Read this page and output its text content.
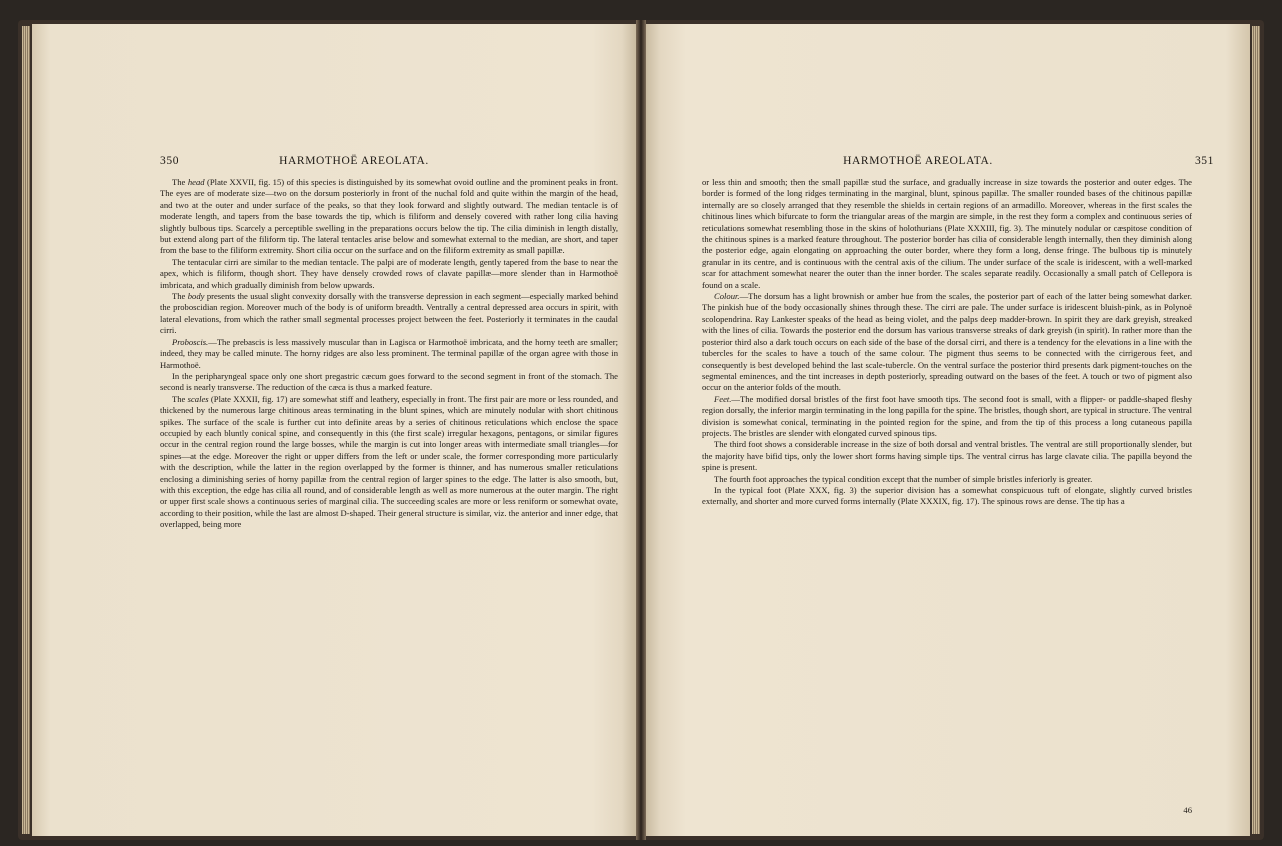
350	HARMOTHOË AREOLATA.

The head (Plate XXVII, fig. 15) of this species is distinguished by its somewhat ovoid outline and the prominent peaks in front. The eyes are of moderate size—two on the dorsum posteriorly in front of the nuchal fold and quite within the margin of the head, and two at the outer and under surface of the peaks, so that they look forward and slightly outward. The median tentacle is of moderate length, and tapers from the base towards the tip, which is filiform and densely covered with rather long cilia having slightly bulbous tips. Scarcely a perceptible swelling in the preparations occurs below the tip. The cilia diminish in length distally, but extend along part of the filiform tip. The lateral tentacles arise below and somewhat external to the median, are short, and taper from the base to the filiform extremity. Short cilia occur on the surface and on the filiform extremity as small papillæ.

The tentacular cirri are similar to the median tentacle. The palpi are of moderate length, gently tapered from the base to near the apex, which is filiform, though short. They have densely crowded rows of clavate papillæ—more slender than in Harmothoë imbricata, and which gradually diminish from below upwards.

The body presents the usual slight convexity dorsally with the transverse depression in each segment—especially marked behind the proboscidian region. Moreover much of the body is of uniform breadth. Ventrally a central depressed area occurs in spirit, with lateral elevations, from which the rather small segmental processes project between the feet. Posteriorly it terminates in the caudal cirri.

Proboscis.—The prebascis is less massively muscular than in Lagisca or Harmothoë imbricata, and the horny teeth are smaller; indeed, they may be called minute. The horny ridges are also less prominent. The terminal papillæ of the organ agree with those in Harmothoë.

In the peripharyngeal space only one short pregastric cæcum goes forward to the second segment in front of the stomach. The second is nearly transverse. The reduction of the cæca is thus a marked feature.

The scales (Plate XXXII, fig. 17) are somewhat stiff and leathery, especially in front. The first pair are more or less rounded, and thickened by the numerous large chitinous areas terminating in the blunt spines, which are minutely nodular with short chitinous spikes. The surface of the scale is further cut into definite areas by a series of chitinous reticulations which enclose the space occupied by each bluntly conical spine, and consequently in this (the first scale) irregular hexagons, pentagons, or similar figures occur in the central region round the large bosses, while the margin is cut into longer areas with intermediate small triangles—for spines—at the edge. Moreover the right or upper differs from the left or under scale, the former corresponding more particularly with the description, while the latter in the region overlapped by the former is thinner, and has numerous smaller reticulations enclosing a diminishing series of horny papillæ from the central region of larger spines to the edge. The latter is also smooth, but, with this exception, the edge has cilia all round, and of considerable length as well as more numerous at the outer margin. The right or upper first scale shows a continuous series of marginal cilia. The succeeding scales are more or less reniform or somewhat ovate, according to their position, while the last are almost D-shaped. Their general structure is similar, viz. the anterior and inner edge, that overlapped, being more

HARMOTHOË AREOLATA.	351

or less thin and smooth; then the small papillæ stud the surface, and gradually increase in size towards the posterior and outer edges. The border is formed of the long ridges terminating in the marginal, blunt, spinous papillæ. The smaller rounded bases of the chitinous papillæ internally are so closely arranged that they resemble the shields in certain regions of an armadillo. Moreover, whereas in the first scales the chitinous lines which bifurcate to form the triangular areas of the margin are simple, in the rest they form a complex and continuous series of reticulations somewhat resembling those in the skins of holothurians (Plate XXXIII, fig. 3). The minutely nodular or cæspitose condition of the chitinous spines is a marked feature throughout. The posterior border has cilia of considerable length internally, then they diminish along the posterior edge, again elongating on approaching the outer border, where they form a long, dense fringe. The bulbous tip is minutely granular in its centre, and is continuous with the central axis of the cilium. The under surface of the scale is iridescent, with a well-marked scar for attachment somewhat nearer the outer than the inner border. The scales separate readily. Occasionally a small patch of Cellepora is found on a scale.

Colour.—The dorsum has a light brownish or amber hue from the scales, the posterior part of each of the latter being somewhat darker. The pinkish hue of the body occasionally shines through these. The cirri are pale. The under surface is iridescent bluish-pink, as in Polynoë scolopendrina. Ray Lankester speaks of the head as being violet, and the palps deep madder-brown. In spirit they are dark greyish, streaked with the lines of cilia. Towards the posterior end the dorsum has various transverse streaks of dark greyish (in spirit). In rather more than the posterior third also a dark touch occurs on each side of the base of the dorsal cirri, and there is a tendency for the elevations in a line with the tubercles for the scales to have a touch of the same colour. The pigment thus seems to be connected with the cirrigerous feet, and consequently is best developed behind the last scale-tubercle. On the ventral surface the posterior third presents dark pigment-touches on the segmental eminences, and the tint increases in depth posteriorly, spreading outward on the bases of the feet. A touch or two of pigment also occur on the anterior folds of the mouth.

Feet.—The modified dorsal bristles of the first foot have smooth tips. The second foot is small, with a flipper- or paddle-shaped fleshy region dorsally, the inferior margin terminating in the long papilla for the spine. The bristles, though short, are typical in structure. The ventral division is somewhat conical, terminating in the pointed region for the spine, and from the tip of this process a long cutaneous papilla projects. The bristles are slender with elongated curved spinous tips.

The third foot shows a considerable increase in the size of both dorsal and ventral bristles. The ventral are still proportionally slender, but the majority have bifid tips, only the lower short forms having simple tips. The ventral cirrus has large clavate cilia. The papilla beyond the spine is present.

The fourth foot approaches the typical condition except that the number of simple bristles inferiorly is greater.

In the typical foot (Plate XXX, fig. 3) the superior division has a somewhat conspicuous tuft of elongate, slightly curved bristles externally, and shorter and more curved forms internally (Plate XXXIX, fig. 17). The spinous rows are dense. The tip has a

46
